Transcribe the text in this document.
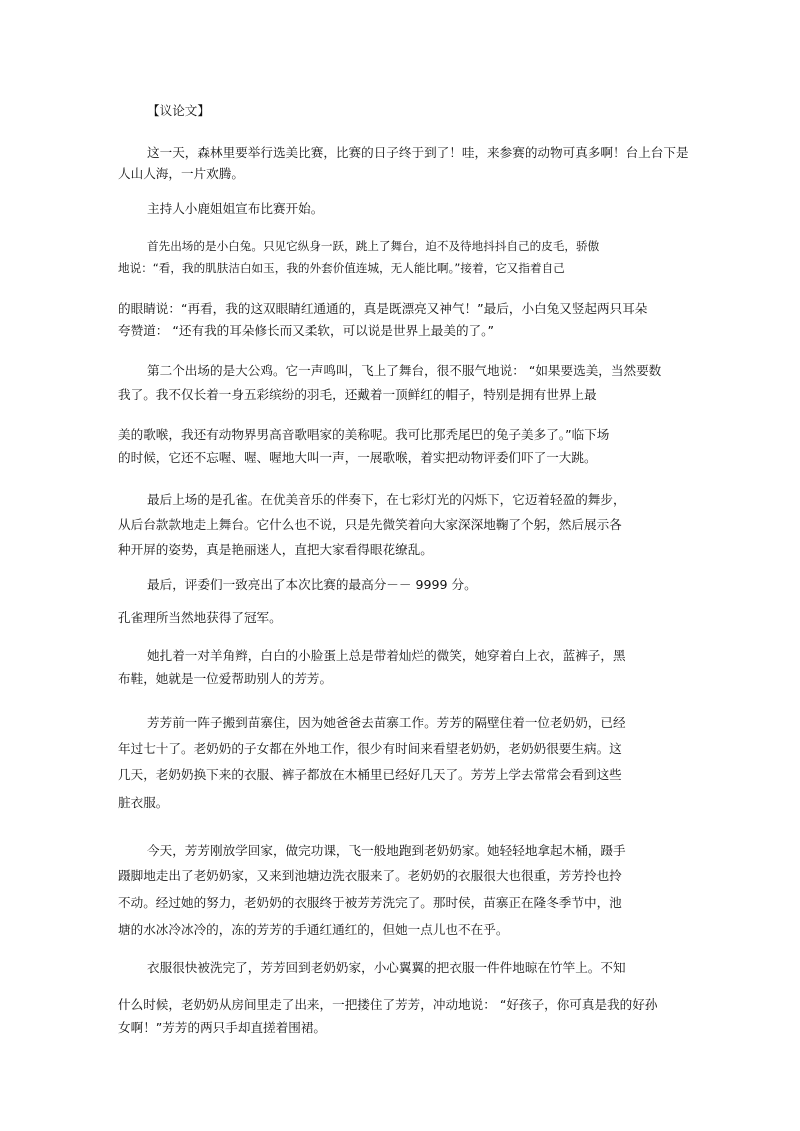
【议论文】
这一天，森林里要举行选美比赛，比赛的日子终于到了！哇，来参赛的动物可真多啊！台上台下是
人山人海，一片欢腾。
主持人小鹿姐姐宣布比赛开始。
首先出场的是小白兔。只见它纵身一跃，跳上了舞台，迫不及待地抖抖自己的皮毛，骄傲
地说：“看，我的肌肤洁白如玉，我的外套价值连城，无人能比啊。”接着，它又指着自己
的眼睛说：“再看，我的这双眼睛红通通的，真是既漂亮又神气！”最后，小白兔又竖起两只耳朵
夸赞道： “还有我的耳朵修长而又柔软，可以说是世界上最美的了。”
第二个出场的是大公鸡。它一声鸣叫，飞上了舞台，很不服气地说： “如果要选美，当然要数
我了。我不仅长着一身五彩缤纷的羽毛，还戴着一顶鲜红的帽子，特别是拥有世界上最
美的歌喉，我还有动物界男高音歌唱家的美称呢。我可比那秃尾巴的兔子美多了。”临下场
的时候，它还不忘喔、喔、喔地大叫一声，一展歌喉，着实把动物评委们吓了一大跳。
最后上场的是孔雀。在优美音乐的伴奏下，在七彩灯光的闪烁下，它迈着轻盈的舞步，
从后台款款地走上舞台。它什么也不说，只是先微笑着向大家深深地鞠了个躬，然后展示各
种开屏的姿势，真是艳丽迷人，直把大家看得眼花缭乱。
最后，评委们一致亮出了本次比赛的最高分－－ 9999 分。
孔雀理所当然地获得了冠军。
她扎着一对羊角辫，白白的小脸蛋上总是带着灿烂的微笑，她穿着白上衣，蓝裤子，黑
布鞋，她就是一位爱帮助别人的芳芳。
芳芳前一阵子搬到苗寨住，因为她爸爸去苗寨工作。芳芳的隔壁住着一位老奶奶，已经
年过七十了。老奶奶的子女都在外地工作，很少有时间来看望老奶奶，老奶奶很要生病。这
几天，老奶奶换下来的衣服、裤子都放在木桶里已经好几天了。芳芳上学去常常会看到这些
脏衣服。
今天，芳芳刚放学回家，做完功课，飞一般地跑到老奶奶家。她轻轻地拿起木桶，蹑手
蹑脚地走出了老奶奶家，又来到池塘边洗衣服来了。老奶奶的衣服很大也很重，芳芳拎也拎
不动。经过她的努力，老奶奶的衣服终于被芳芳洗完了。那时侯，苗寨正在隆冬季节中，池
塘的水冰冷冰冷的，冻的芳芳的手通红通红的，但她一点儿也不在乎。
衣服很快被洗完了，芳芳回到老奶奶家，小心翼翼的把衣服一件件地晾在竹竿上。不知
什么时候，老奶奶从房间里走了出来，一把搂住了芳芳，冲动地说： “好孩子，你可真是我的好孙
女啊！”芳芳的两只手却直搓着围裙。
